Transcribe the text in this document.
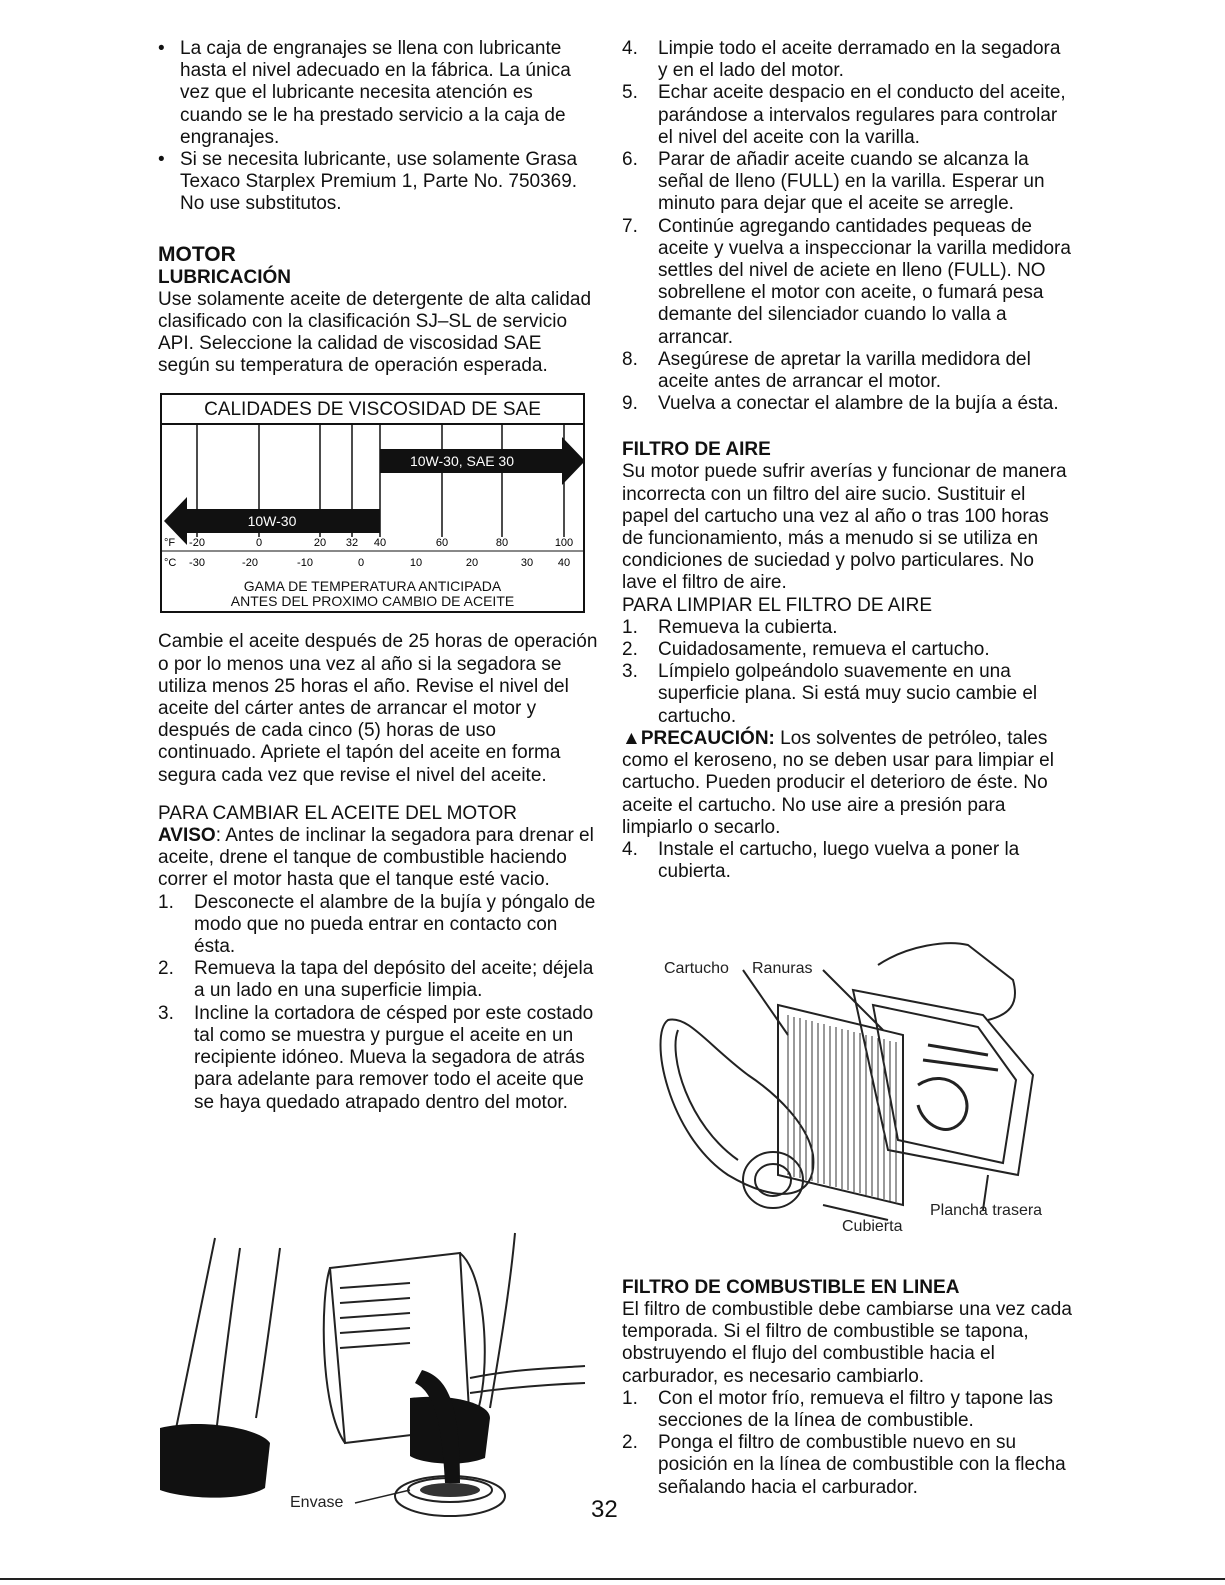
• La caja de engranajes se llena con lubricante hasta el nivel adecuado en la fábrica. La única vez que el lubricante necesita atención es cuando se le ha prestado servicio a la caja de engranajes.

• Si se necesita lubricante, use solamente Grasa Texaco Starplex Premium 1, Parte No. 750369. No use substitutos.

MOTOR

LUBRICACIÓN

Use solamente aceite de detergente de alta calidad clasificado con la clasificación SJ–SL de servicio API. Seleccione la calidad de viscosidad SAE según su temperatura de operación esperada.

CALIDADES DE VISCOSIDAD DE SAE
10W-30, SAE 30
10W-30
°F -20	0	20 32 40	60	80	100
°C -30	-20	-10	0	10	20	30 40
GAMA DE TEMPERATURA ANTICIPADA
ANTES DEL PROXIMO CAMBIO DE ACEITE

Cambie el aceite después de 25 horas de operación o por lo menos una vez al año si la segadora se utiliza menos 25 horas el año. Revise el nivel del aceite del cárter antes de arrancar el motor y después de cada cinco (5) horas de uso continuado. Apriete el tapón del aceite en forma segura cada vez que revise el nivel del aceite.

PARA CAMBIAR EL ACEITE DEL MOTOR

AVISO: Antes de inclinar la segadora para drenar el aceite, drene el tanque de combustible haciendo correr el motor hasta que el tanque esté vacio.

1. Desconecte el alambre de la bujía y póngalo de modo que no pueda entrar en contacto con ésta.

2. Remueva la tapa del depósito del aceite; déjela a un lado en una superficie limpia.

3. Incline la cortadora de césped por este costado tal como se muestra y purgue el aceite en un recipiente idóneo. Mueva la segadora de atrás para adelante para remover todo el aceite que se haya quedado atrapado dentro del motor.

Envase

4. Limpie todo el aceite derramado en la segadora y en el lado del motor.

5. Echar aceite despacio en el conducto del aceite, parándose a intervalos regulares para controlar el nivel del aceite con la varilla.

6. Parar de añadir aceite cuando se alcanza la señal de lleno (FULL) en la varilla. Esperar un minuto para dejar que el aceite se arregle.

7. Continúe agregando cantidades pequeas de aceite y vuelva a inspeccionar la varilla medidora settles del nivel de aciete en lleno (FULL). NO sobrellene el motor con aceite, o fumará pesa demante del silenciador cuando lo valla a arrancar.

8. Asegúrese de apretar la varilla medidora del aceite antes de arrancar el motor.

9. Vuelva a conectar el alambre de la bujía a ésta.

FILTRO DE AIRE

Su motor puede sufrir averías y funcionar de manera incorrecta con un filtro del aire sucio. Sustituir el papel del cartucho una vez al año o tras 100 horas de funcionamiento, más a menudo si se utiliza en condiciones de suciedad y polvo particulares. No lave el filtro de aire.

PARA LIMPIAR EL FILTRO DE AIRE

1. Remueva la cubierta.

2. Cuidadosamente, remueva el cartucho.

3. Límpielo golpeándolo suavemente en una superficie plana. Si está muy sucio cambie el cartucho.

▲PRECAUCIÓN: Los solventes de petróleo, tales como el keroseno, no se deben usar para limpiar el cartucho. Pueden producir el deterioro de éste. No aceite el cartucho. No use aire a presión para limpiarlo o secarlo.

4. Instale el cartucho, luego vuelva a poner la cubierta.

Cartucho Ranuras
Plancha trasera
Cubierta

FILTRO DE COMBUSTIBLE EN LINEA

El filtro de combustible debe cambiarse una vez cada temporada. Si el filtro de combustible se tapona, obstruyendo el flujo del combustible hacia el carburador, es necesario cambiarlo.

1. Con el motor frío, remueva el filtro y tapone las secciones de la línea de combustible.

2. Ponga el filtro de combustible nuevo en su posición en la línea de combustible con la flecha señalando hacia el carburador.

32
